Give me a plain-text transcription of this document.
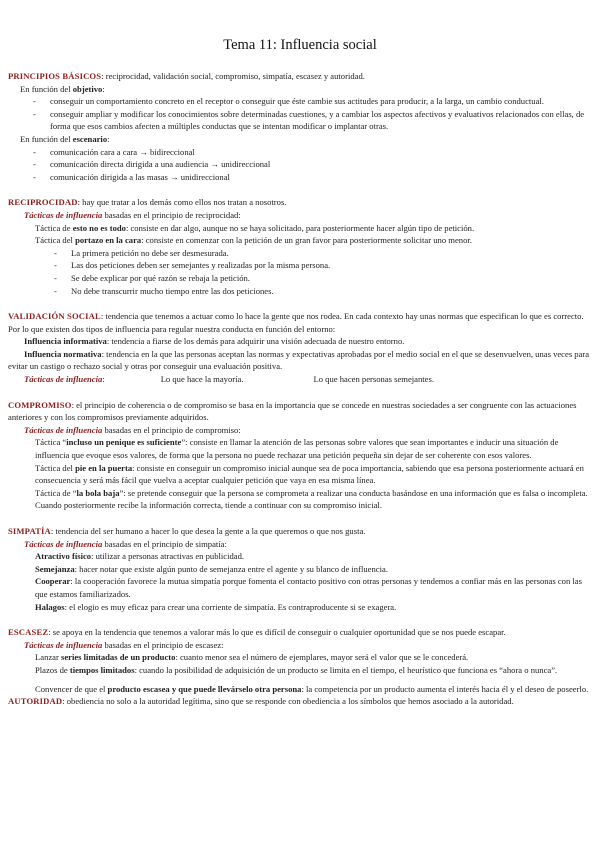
Tema 11: Influencia social
PRINCIPIOS BÁSICOS: reciprocidad, validación social, compromiso, simpatía, escasez y autoridad.
En función del objetivo:
- conseguir un comportamiento concreto en el receptor o conseguir que éste cambie sus actitudes para producir, a la larga, un cambio conductual.
- conseguir ampliar y modificar los conocimientos sobre determinadas cuestiones, y a cambiar los aspectos afectivos y evaluativos relacionados con ellas, de forma que esos cambios afecten a múltiples conductas que se intentan modificar o implantar otras.
En función del escenario:
- comunicación cara a cara → bidireccional
- comunicación directa dirigida a una audiencia → unidireccional
- comunicación dirigida a las masas → unidireccional
RECIPROCIDAD: hay que tratar a los demás como ellos nos tratan a nosotros.
Tácticas de influencia basadas en el principio de reciprocidad:
Táctica de esto no es todo: consiste en dar algo, aunque no se haya solicitado, para posteriormente hacer algún tipo de petición.
Táctica del portazo en la cara: consiste en comenzar con la petición de un gran favor para posteriormente solicitar uno menor.
- La primera petición no debe ser desmesurada.
- Las dos peticiones deben ser semejantes y realizadas por la misma persona.
- Se debe explicar por qué razón se rebaja la petición.
- No debe transcurrir mucho tiempo entre las dos peticiones.
VALIDACIÓN SOCIAL: tendencia que tenemos a actuar como lo hace la gente que nos rodea. En cada contexto hay unas normas que especifican lo que es correcto. Por lo que existen dos tipos de influencia para regular nuestra conducta en función del entorno:
Influencia informativa: tendencia a fiarse de los demás para adquirir una visión adecuada de nuestro entorno.
Influencia normativa: tendencia en la que las personas aceptan las normas y expectativas aprobadas por el medio social en el que se desenvuelven, unas veces para evitar un castigo o rechazo social y otras por conseguir una evaluación positiva.
Tácticas de influencia:	Lo que hace la mayoría.	Lo que hacen personas semejantes.
COMPROMISO: el principio de coherencia o de compromiso se basa en la importancia que se concede en nuestras sociedades a ser congruente con las actuaciones anteriores y con los compromisos previamente adquiridos.
Tácticas de influencia basadas en el principio de compromiso:
Táctica “incluso un penique es suficiente”: consiste en llamar la atención de las personas sobre valores que sean importantes e inducir una situación de influencia que evoque esos valores, de forma que la persona no puede rechazar una petición pequeña sin dejar de ser coherente con esos valores.
Táctica del pie en la puerta: consiste en conseguir un compromiso inicial aunque sea de poca importancia, sabiendo que esa persona posteriormente actuará en consecuencia y será más fácil que vuelva a aceptar cualquier petición que vaya en esa misma línea.
Táctica de “la bola baja”: se pretende conseguir que la persona se comprometa a realizar una conducta basándose en una información que es falsa o incompleta. Cuando posteriormente recibe la información correcta, tiende a continuar con su compromiso inicial.
SIMPATÍA: tendencia del ser humano a hacer lo que desea la gente a la que queremos o que nos gusta.
Tácticas de influencia basadas en el principio de simpatía:
Atractivo físico: utilizar a personas atractivas en publicidad.
Semejanza: hacer notar que existe algún punto de semejanza entre el agente y su blanco de influencia.
Cooperar: la cooperación favorece la mutua simpatía porque fomenta el contacto positivo con otras personas y tendemos a confiar más en las personas con las que estamos familiarizados.
Halagos: el elogio es muy eficaz para crear una corriente de simpatía. Es contraproducente si se exagera.
ESCASEZ: se apoya en la tendencia que tenemos a valorar más lo que es difícil de conseguir o cualquier oportunidad que se nos puede escapar.
Tácticas de influencia basadas en el principio de escasez:
Lanzar series limitadas de un producto: cuanto menor sea el número de ejemplares, mayor será el valor que se le concederá.
Plazos de tiempos limitados: cuando la posibilidad de adquisición de un producto se limita en el tiempo, el heurístico que funciona es “ahora o nunca”.
Convencer de que el producto escasea y que puede llevárselo otra persona: la competencia por un producto aumenta el interés hacia él y el deseo de poseerlo.
AUTORIDAD: obediencia no solo a la autoridad legítima, sino que se responde con obediencia a los símbolos que hemos asociado a la autoridad.
